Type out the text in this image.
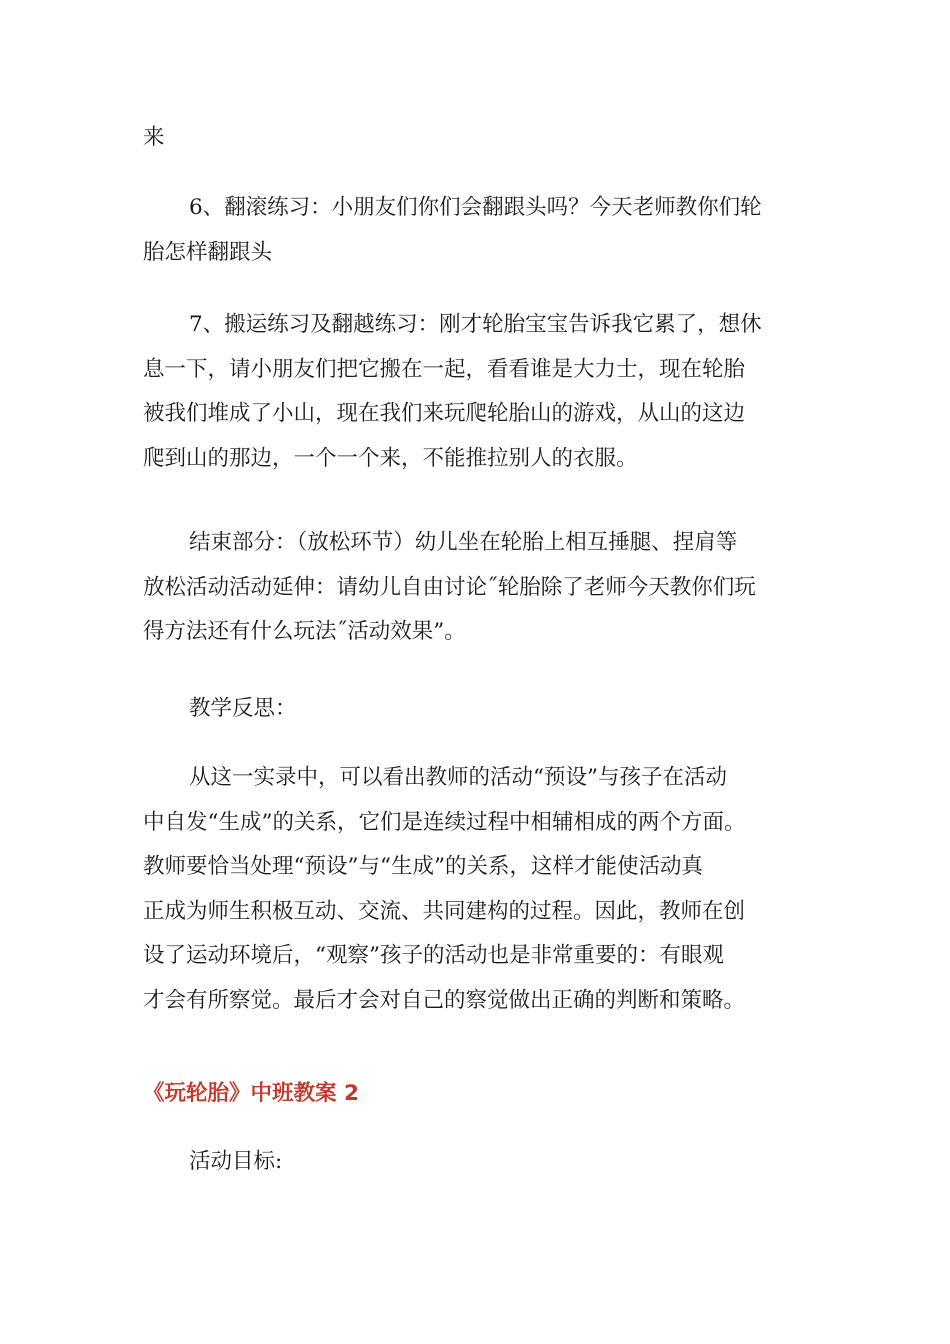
来

6、翻滚练习：小朋友们你们会翻跟头吗？今天老师教你们轮
胎怎样翻跟头

7、搬运练习及翻越练习：刚才轮胎宝宝告诉我它累了，想休
息一下，请小朋友们把它搬在一起，看看谁是大力士，现在轮胎
被我们堆成了小山，现在我们来玩爬轮胎山的游戏，从山的这边
爬到山的那边，一个一个来，不能推拉别人的衣服。

结束部分：（放松环节）幼儿坐在轮胎上相互捶腿、捏肩等
放松活动活动延伸：请幼儿自由讨论˝轮胎除了老师今天教你们玩
得方法还有什么玩法˝活动效果”。

教学反思：

从这一实录中，可以看出教师的活动“预设”与孩子在活动
中自发“生成”的关系，它们是连续过程中相辅相成的两个方面。
教师要恰当处理“预设”与“生成”的关系，这样才能使活动真
正成为师生积极互动、交流、共同建构的过程。因此，教师在创
设了运动环境后，“观察”孩子的活动也是非常重要的：有眼观
才会有所察觉。最后才会对自己的察觉做出正确的判断和策略。

《玩轮胎》中班教案 2

活动目标:
